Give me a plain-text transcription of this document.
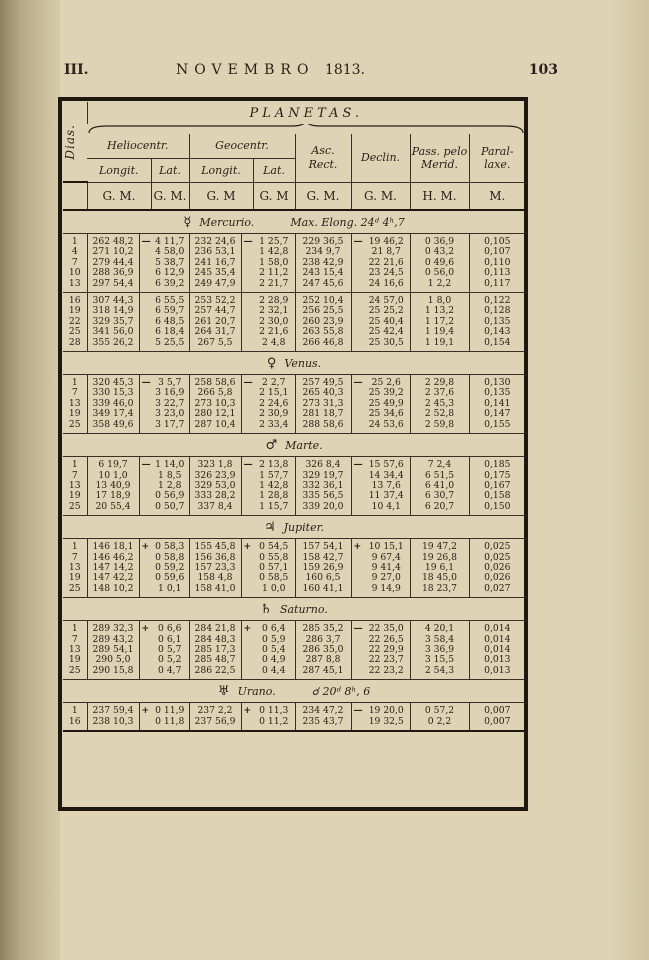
III.	NOVEMBRO 1813.	103
Dias.	PLANETAS.										

	Heliocentr.			Geocentr.			Asc. Rect.	Declin.		Pass. pelo Merid.	Paral-laxe.
	Longit.		Lat.	Longit.		Lat.					
	G. M.		G. M.	G. M		G. M	G. M.	G. M.		H. M.	M.
☿ Mercurio. Max. Elong. 24ᵈ 4ʰ,7											
1	262 48,2	—	4 11,7	232 24,6	—	1 25,7	229 36,5	—	19 46,2	0 36,9	0,105
4	271 10,2		4 58,0	236 53,1		1 42,8	234 9,7		21 8,7	0 43,2	0,107
7	279 44,4		5 38,7	241 16,7		1 58,0	238 42,9		22 21,6	0 49,6	0,110
10	288 36,9		6 12,9	245 35,4		2 11,2	243 15,4		23 24,5	0 56,0	0,113
13	297 54,4		6 39,2	249 47,9		2 21,7	247 45,6		24 16,6	1 2,2	0,117
16	307 44,3		6 55,5	253 52,2		2 28,9	252 10,4		24 57,0	1 8,0	0,122
19	318 14,9		6 59,7	257 44,7		2 32,1	256 25,5		25 25,2	1 13,2	0,128
22	329 35,7		6 48,5	261 20,7		2 30,0	260 23,9		25 40,4	1 17,2	0,135
25	341 56,0		6 18,4	264 31,7		2 21,6	263 55,8		25 42,4	1 19,4	0,143
28	355 26,2		5 25,5	267 5,5		2 4,8	266 46,8		25 30,5	1 19,1	0,154
♀ Venus.											
1	320 45,3	—	3 5,7	258 58,6	—	2 2,7	257 49,5	—	25 2,6	2 29,8	0,130
7	330 15,3		3 16,9	266 5,8		2 15,1	265 40,3		25 39,2	2 37,6	0,135
13	339 46,0		3 22,7	273 10,3		2 24,6	273 31,3		25 49,9	2 45,3	0,141
19	349 17,4		3 23,0	280 12,1		2 30,9	281 18,7		25 34,6	2 52,8	0,147
25	358 49,6		3 17,7	287 10,4		2 33,4	288 58,6		24 53,6	2 59,8	0,155
♂ Marte.											
1	6 19,7	—	1 14,0	323 1,8	—	2 13,8	326 8,4	—	15 57,6	7 2,4	0,185
7	10 1,0		1 8,5	326 23,9		1 57,7	329 19,7		14 34,4	6 51,5	0,175
13	13 40,9		1 2,8	329 53,0		1 42,8	332 36,1		13 7,6	6 41,0	0,167
19	17 18,9		0 56,9	333 28,2		1 28,8	335 56,5		11 37,4	6 30,7	0,158
25	20 55,4		0 50,7	337 8,4		1 15,7	339 20,0		10 4,1	6 20,7	0,150
♃ Jupiter.											
1	146 18,1	+	0 58,3	155 45,8	+	0 54,5	157 54,1	+	10 15,1	19 47,2	0,025
7	146 46,2		0 58,8	156 36,8		0 55,8	158 42,7		9 67,4	19 26,8	0,025
13	147 14,2		0 59,2	157 23,3		0 57,1	159 26,9		9 41,4	19 6,1	0,026
19	147 42,2		0 59,6	158 4,8		0 58,5	160 6,5		9 27,0	18 45,0	0,026
25	148 10,2		1 0,1	158 41,0		1 0,0	160 41,1		9 14,9	18 23,7	0,027
♄ Saturno.											
1	289 32,3	+	0 6,6	284 21,8	+	0 6,4	285 35,2	—	22 35,0	4 20,1	0,014
7	289 43,2		0 6,1	284 48,3		0 5,9	286 3,7		22 26,5	3 58,4	0,014
13	289 54,1		0 5,7	285 17,3		0 5,4	286 35,0		22 29,9	3 36,9	0,014
19	290 5,0		0 5,2	285 48,7		0 4,9	287 8,8		22 23,7	3 15,5	0,013
25	290 15,8		0 4,7	286 22,5		0 4,4	287 45,1		22 23,2	2 54,3	0,013
♅ Urano. ☌ 20ᵈ 8ʰ, 6											
1	237 59,4	+	0 11,9	237 2,2	+	0 11,3	234 47,2	—	19 20,0	0 57,2	0,007
16	238 10,3		0 11,8	237 56,9		0 11,2	235 43,7		19 32,5	0 2,2	0,007
